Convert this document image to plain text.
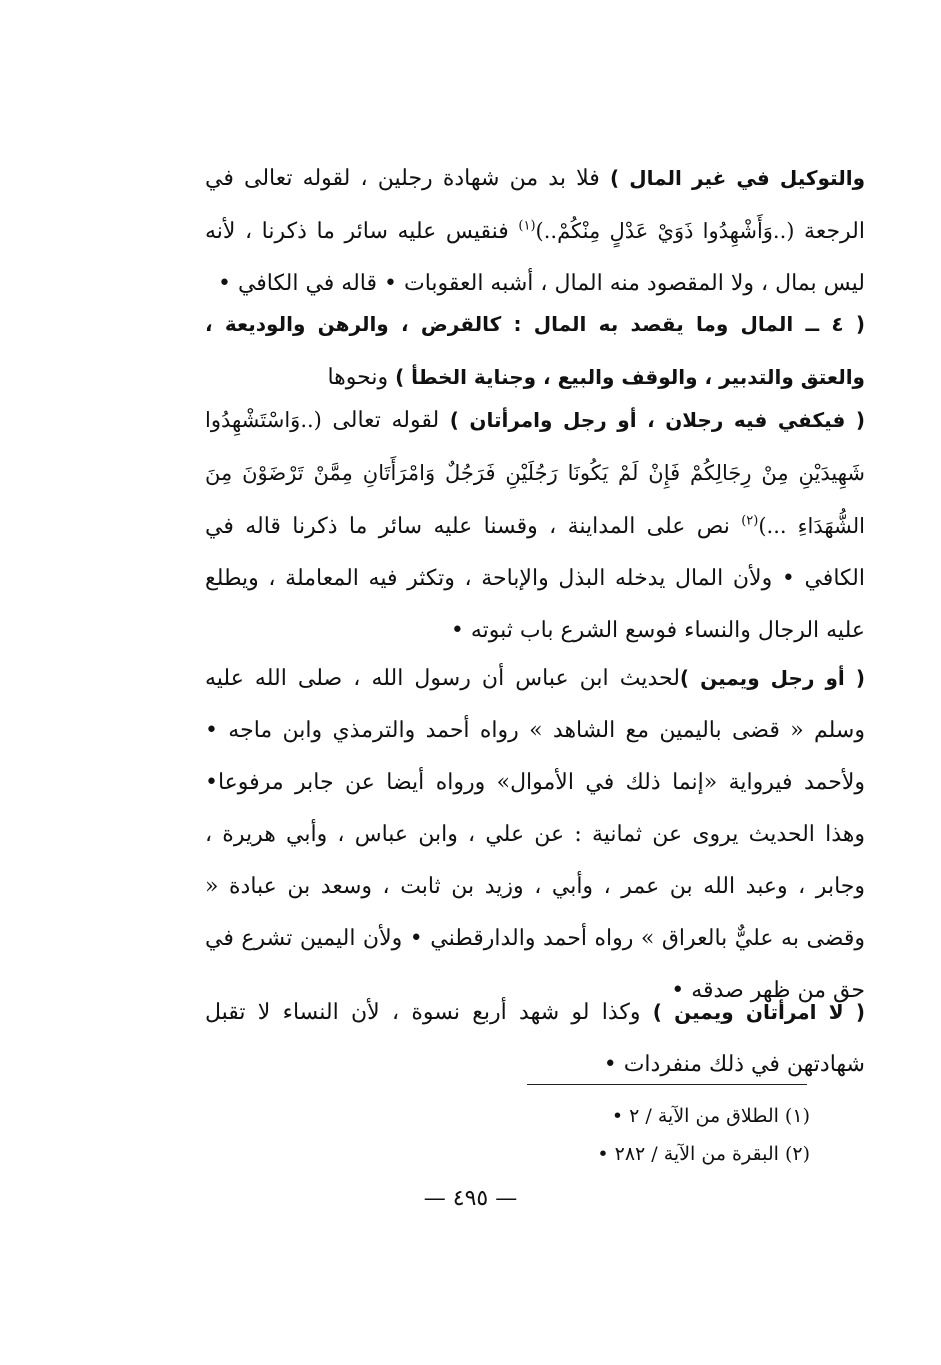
والتوكيل في غير المال ) فلا بد من شهادة رجلين ، لقوله تعالى في الرجعة (..وَأَشْهِدُوا ذَوَيْ عَدْلٍ مِنْكُمْ..)$^{(١)}$ فنقيس عليه سائر ما ذكرنا ، لأنه ليس بمال ، ولا المقصود منه المال ، أشبه العقوبات • قاله في الكافي •

( ٤ ــ المال وما يقصد به المال : كالقرض ، والرهن والوديعة ، والعتق والتدبير ، والوقف والبيع ، وجناية الخطأ ) ونحوها

( فيكفي فيه رجلان ، أو رجل وامرأتان ) لقوله تعالى (..وَاسْتَشْهِدُوا شَهِيدَيْنِ مِنْ رِجَالِكُمْ فَإِنْ لَمْ يَكُونَا رَجُلَيْنِ فَرَجُلٌ وَامْرَأَتَانِ مِمَّنْ تَرْضَوْنَ مِنَ الشُّهَدَاءِ ...)$^{(٢)}$ نص على المداينة ، وقسنا عليه سائر ما ذكرنا قاله في الكافي • ولأن المال يدخله البذل والإباحة ، وتكثر فيه المعاملة ، ويطلع عليه الرجال والنساء فوسع الشرع باب ثبوته •

( أو رجل ويمين )لحديث ابن عباس أن رسول الله ، صلى الله عليه وسلم « قضى باليمين مع الشاهد » رواه أحمد والترمذي وابن ماجه • ولأحمد فيرواية «إنما ذلك في الأموال» ورواه أيضا عن جابر مرفوعا• وهذا الحديث يروى عن ثمانية : عن علي ، وابن عباس ، وأبي هريرة ، وجابر ، وعبد الله بن عمر ، وأبي ، وزيد بن ثابت ، وسعد بن عبادة « وقضى به عليٌّ بالعراق » رواه أحمد والدارقطني • ولأن اليمين تشرع في حق من ظهر صدقه •

( لا امرأتان ويمين ) وكذا لو شهد أربع نسوة ، لأن النساء لا تقبل شهادتهن في ذلك منفردات •

(١) الطلاق من الآية / ٢ •
(٢) البقرة من الآية / ٢٨٢ •
— ٤٩٥ —
